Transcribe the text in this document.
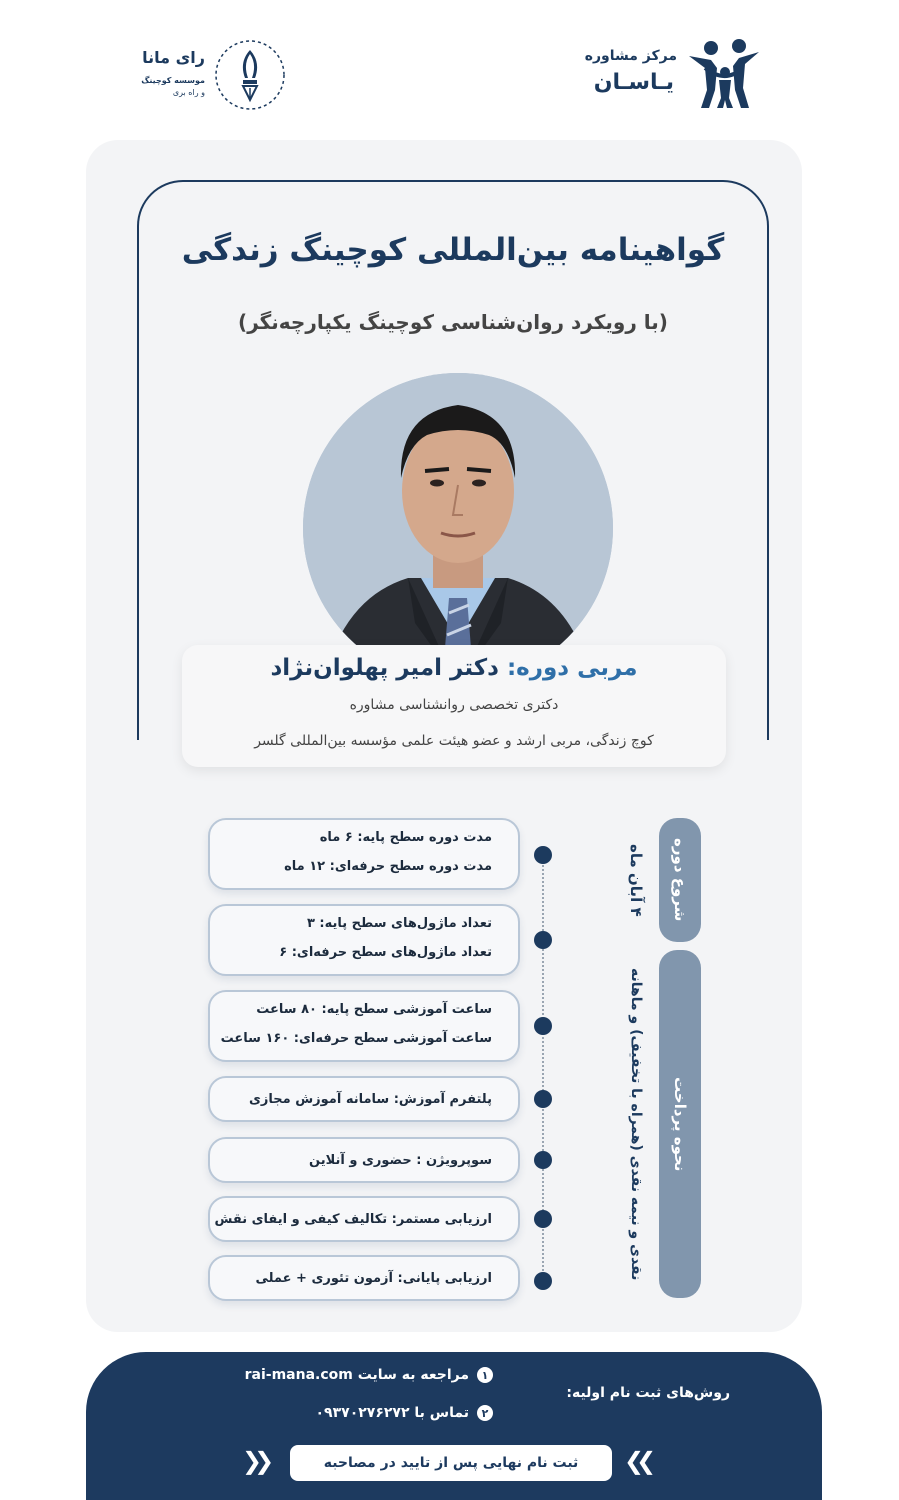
مرکز مشاوره
یـاسـان
رای مانا
موسسه کوچینگ
و راه بری
گواهینامه بین‌المللی کوچینگ زندگی
(با رویکرد روان‌شناسی کوچینگ یکپارچه‌نگر)
مربی دوره: دکتر امیر پهلوان‌نژاد
دکتری تخصصی روانشناسی مشاوره
کوچ زندگی، مربی ارشد و عضو هیئت علمی مؤسسه بین‌المللی گلسر
مدت دوره سطح پایه: ۶ ماه
مدت دوره سطح حرفه‌ای: ۱۲ ماه
تعداد ماژول‌های سطح پایه: ۳
تعداد ماژول‌های سطح حرفه‌ای: ۶
ساعت آموزشی سطح پایه: ۸۰ ساعت
ساعت آموزشی سطح حرفه‌ای: ۱۶۰ ساعت
پلتفرم آموزش: سامانه آموزش مجازی
سوپرویژن : حضوری و آنلاین
ارزیابی مستمر: تکالیف کیفی و ایفای نقش
ارزیابی پایانی: آزمون تئوری + عملی
شروع دوره
۴ آبان ماه
نحوه پرداخت
نقدی و نیمه نقدی (همراه با تخفیف) و ماهانه
روش‌های ثبت نام اولیه:
۱
مراجعه به سایت rai-mana.com
۲
تماس با ۰۹۳۷۰۲۷۶۲۷۲
❮❮
❯❯	ثبت نام نهایی پس از تایید در مصاحبه
